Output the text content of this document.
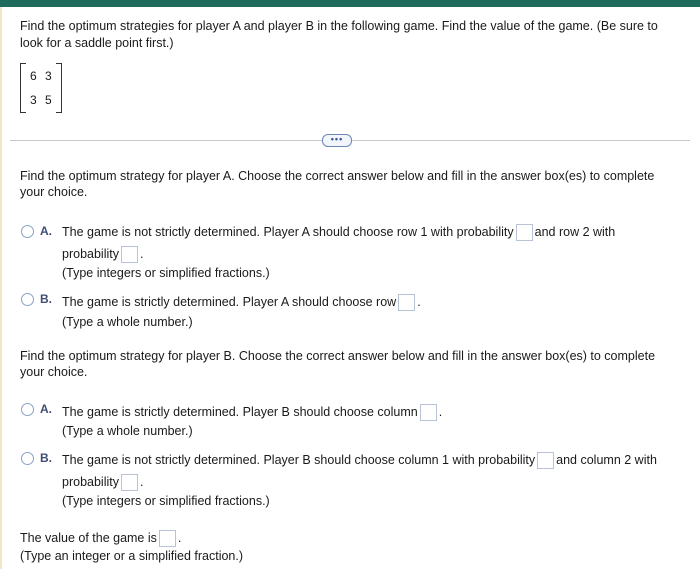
Find the optimum strategies for player A and player B in the following game. Find the value of the game. (Be sure to
look for a saddle point first.)
6 3
3 5
•••
Find the optimum strategy for player A. Choose the correct answer below and fill in the answer box(es) to complete
your choice.
A. The game is not strictly determined. Player A should choose row 1 with probability and row 2 with
probability .
(Type integers or simplified fractions.)
B. The game is strictly determined. Player A should choose row .
(Type a whole number.)
Find the optimum strategy for player B. Choose the correct answer below and fill in the answer box(es) to complete
your choice.
A. The game is strictly determined. Player B should choose column .
(Type a whole number.)
B. The game is not strictly determined. Player B should choose column 1 with probability and column 2 with
probability .
(Type integers or simplified fractions.)
The value of the game is .
(Type an integer or a simplified fraction.)
